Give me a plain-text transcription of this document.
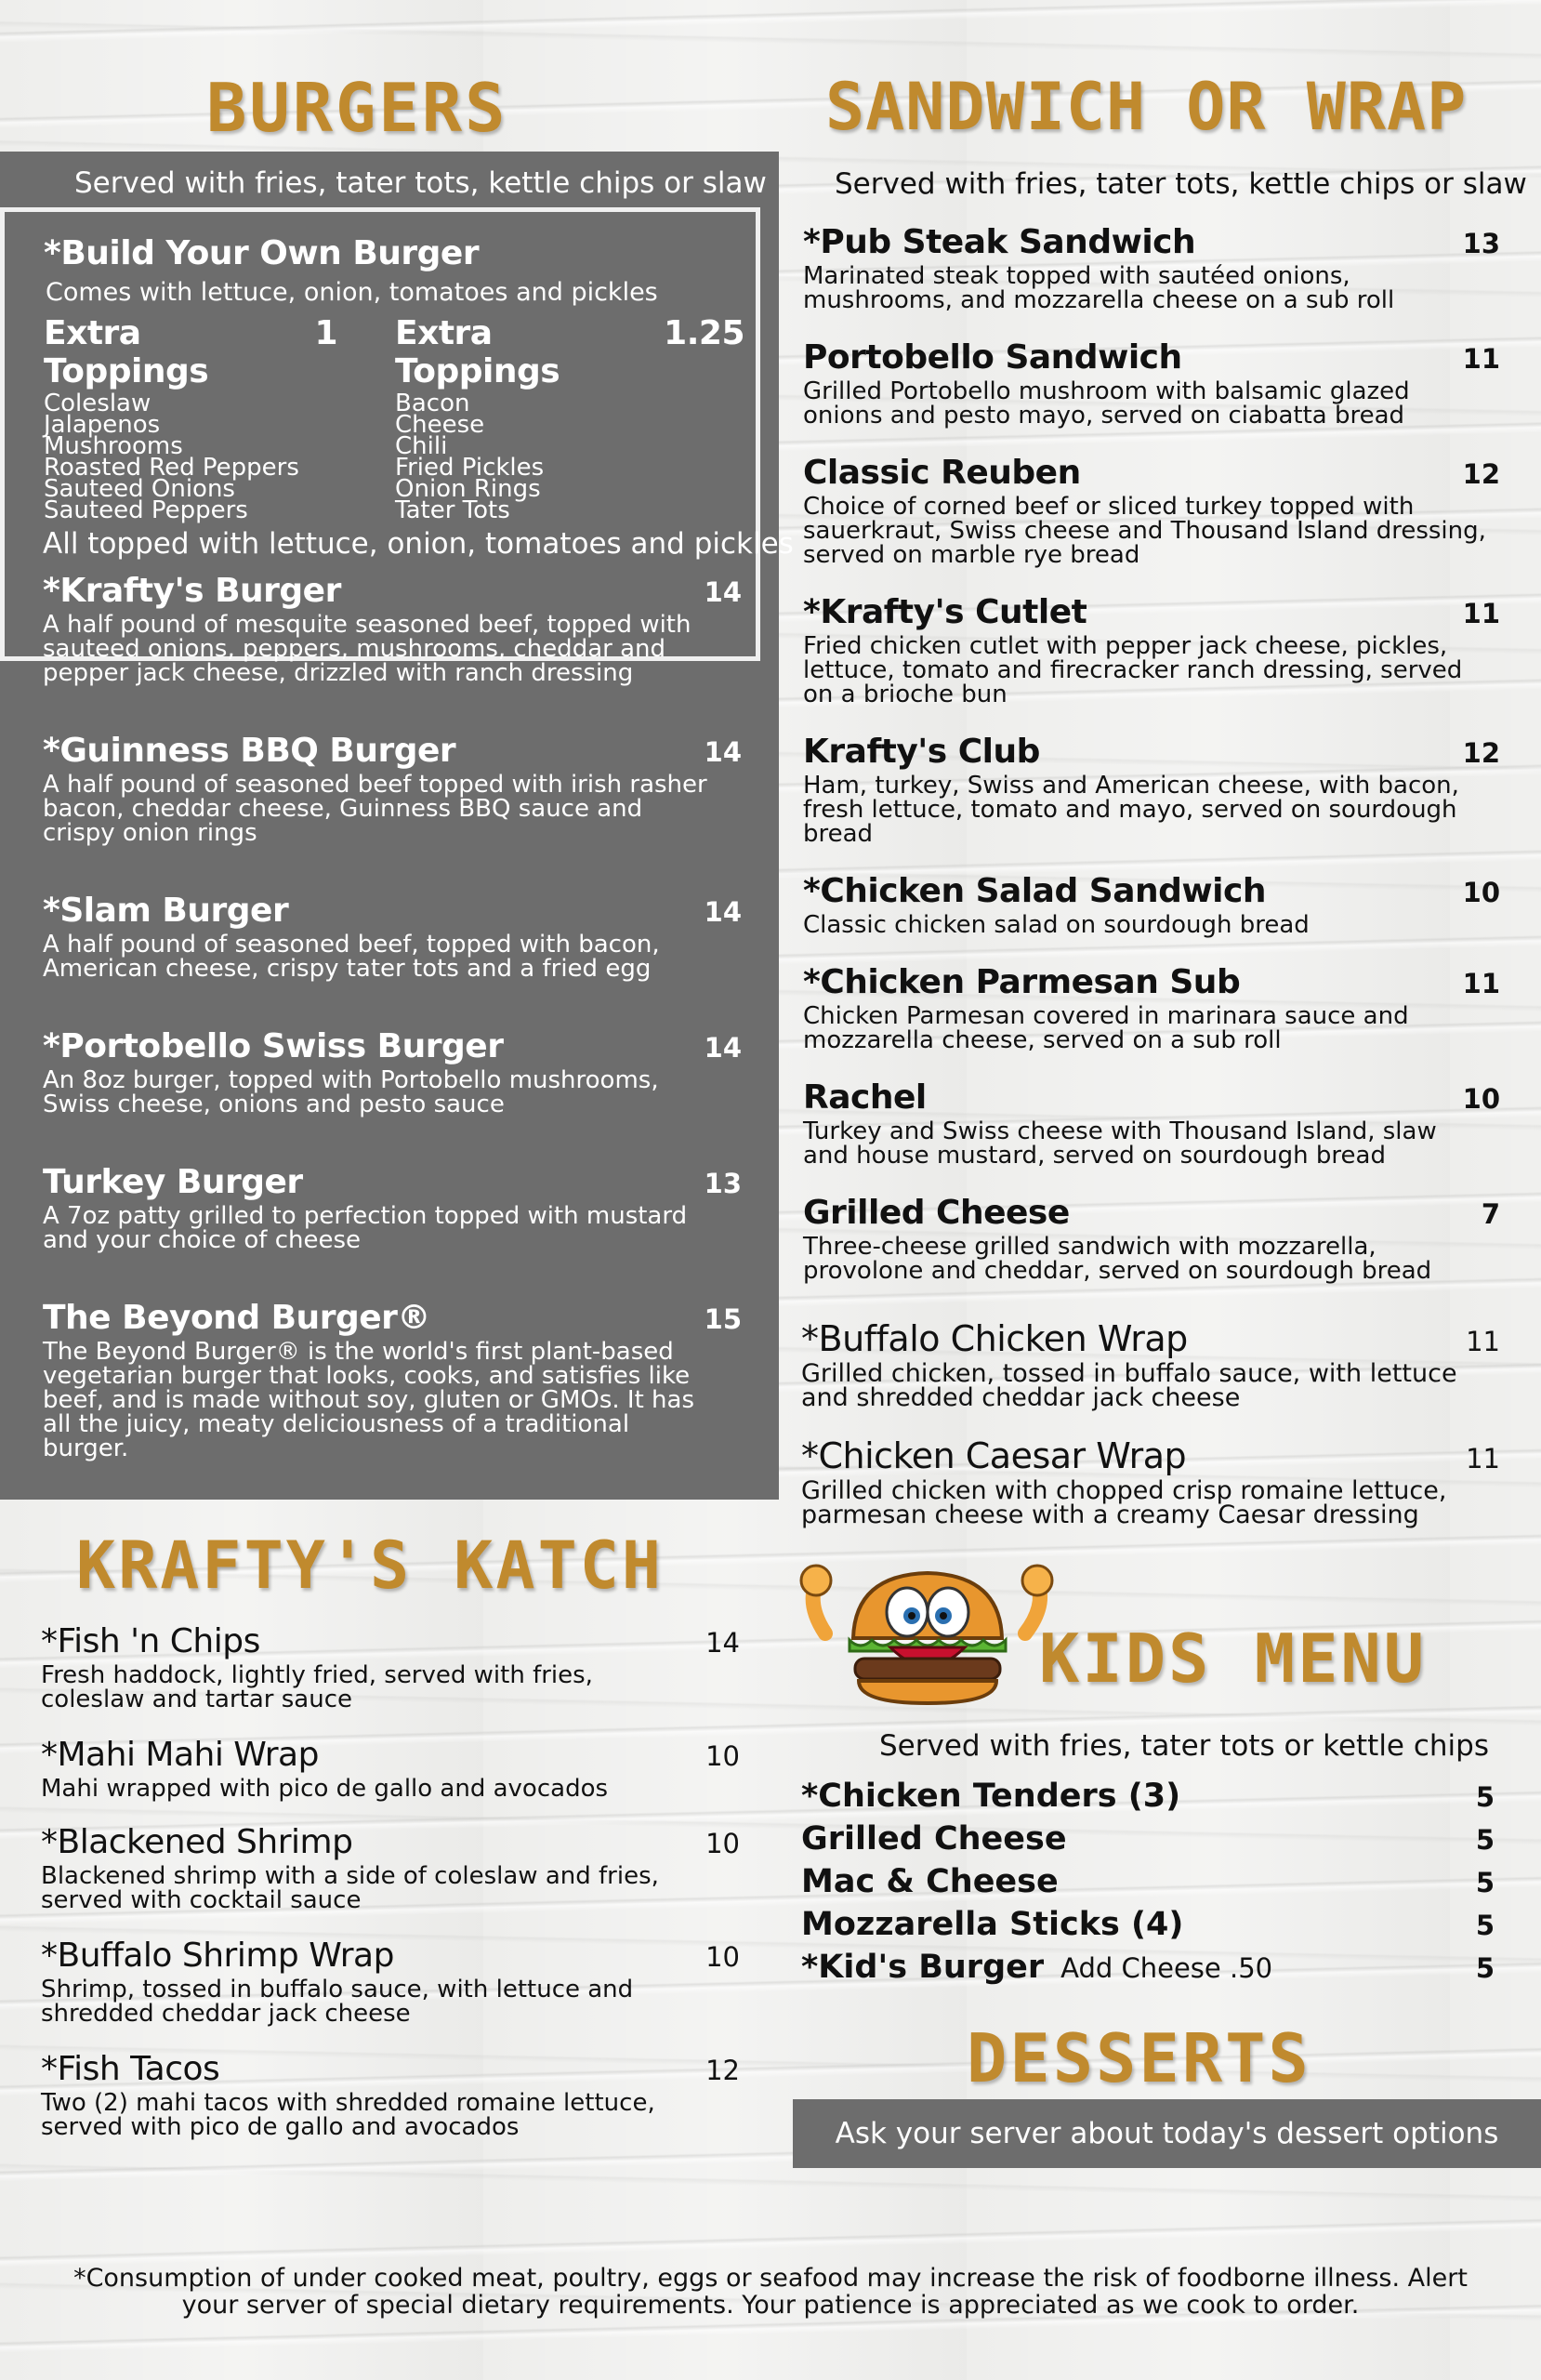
BURGERS
Served with fries, tater tots, kettle chips or slaw
*Build Your Own Burger
Comes with lettuce, onion, tomatoes and pickles
Extra Toppings
1
Coleslaw
Jalapenos
Mushrooms
Roasted Red Peppers
Sauteed Onions
Sauteed Peppers
Extra Toppings
1.25
Bacon
Cheese
Chili
Fried Pickles
Onion Rings
Tater Tots
All topped with lettuce, onion, tomatoes and pickles
*Krafty's Burger	14
A half pound of mesquite seasoned beef, topped with sauteed onions, peppers, mushrooms, cheddar and pepper jack cheese, drizzled with ranch dressing
*Guinness BBQ Burger	14
A half pound of seasoned beef topped with irish rasher bacon, cheddar cheese, Guinness BBQ sauce and crispy onion rings
*Slam Burger	14
A half pound of seasoned beef, topped with bacon, American cheese, crispy tater tots and a fried egg
*Portobello Swiss Burger	14
An 8oz burger, topped with Portobello mushrooms, Swiss cheese, onions and pesto sauce
Turkey Burger	13
A 7oz patty grilled to perfection topped with mustard and your choice of cheese
The Beyond Burger®	15
The Beyond Burger® is the world's first plant-based vegetarian burger that looks, cooks, and satisfies like beef, and is made without soy, gluten or GMOs. It has all the juicy, meaty deliciousness of a traditional burger.
KRAFTY'S KATCH
*Fish 'n Chips	14
Fresh haddock, lightly fried, served with fries, coleslaw and tartar sauce
*Mahi Mahi Wrap	10
Mahi wrapped with pico de gallo and avocados
*Blackened Shrimp	10
Blackened shrimp with a side of coleslaw and fries, served with cocktail sauce
*Buffalo Shrimp Wrap	10
Shrimp, tossed in buffalo sauce, with lettuce and shredded cheddar jack cheese
*Fish Tacos	12
Two (2) mahi tacos with shredded romaine lettuce, served with pico de gallo and avocados
SANDWICH OR WRAP
Served with fries, tater tots, kettle chips or slaw
*Pub Steak Sandwich	13
Marinated steak topped with sautéed onions, mushrooms, and mozzarella cheese on a sub roll
Portobello Sandwich	11
Grilled Portobello mushroom with balsamic glazed onions and pesto mayo, served on ciabatta bread
Classic Reuben	12
Choice of corned beef or sliced turkey topped with sauerkraut, Swiss cheese and Thousand Island dressing, served on marble rye bread
*Krafty's Cutlet	11
Fried chicken cutlet with pepper jack cheese, pickles, lettuce, tomato and firecracker ranch dressing, served on a brioche bun
Krafty's Club	12
Ham, turkey, Swiss and American cheese, with bacon, fresh lettuce, tomato and mayo, served on sourdough bread
*Chicken Salad Sandwich	10
Classic chicken salad on sourdough bread
*Chicken Parmesan Sub	11
Chicken Parmesan covered in marinara sauce and mozzarella cheese, served on a sub roll
Rachel	10
Turkey and Swiss cheese with Thousand Island, slaw and house mustard, served on sourdough bread
Grilled Cheese	7
Three-cheese grilled sandwich with mozzarella, provolone and cheddar, served on sourdough bread
*Buffalo Chicken Wrap	11
Grilled chicken, tossed in buffalo sauce, with lettuce and shredded cheddar jack cheese
*Chicken Caesar Wrap	11
Grilled chicken with chopped crisp romaine lettuce, parmesan cheese with a creamy Caesar dressing
KIDS MENU
Served with fries, tater tots or kettle chips
*Chicken Tenders (3)	5
Grilled Cheese	5
Mac & Cheese	5
Mozzarella Sticks (4)	5
*Kid's Burger Add Cheese .50	5
DESSERTS
Ask your server about today's dessert options
*Consumption of under cooked meat, poultry, eggs or seafood may increase the risk of foodborne illness. Alert
your server of special dietary requirements. Your patience is appreciated as we cook to order.
